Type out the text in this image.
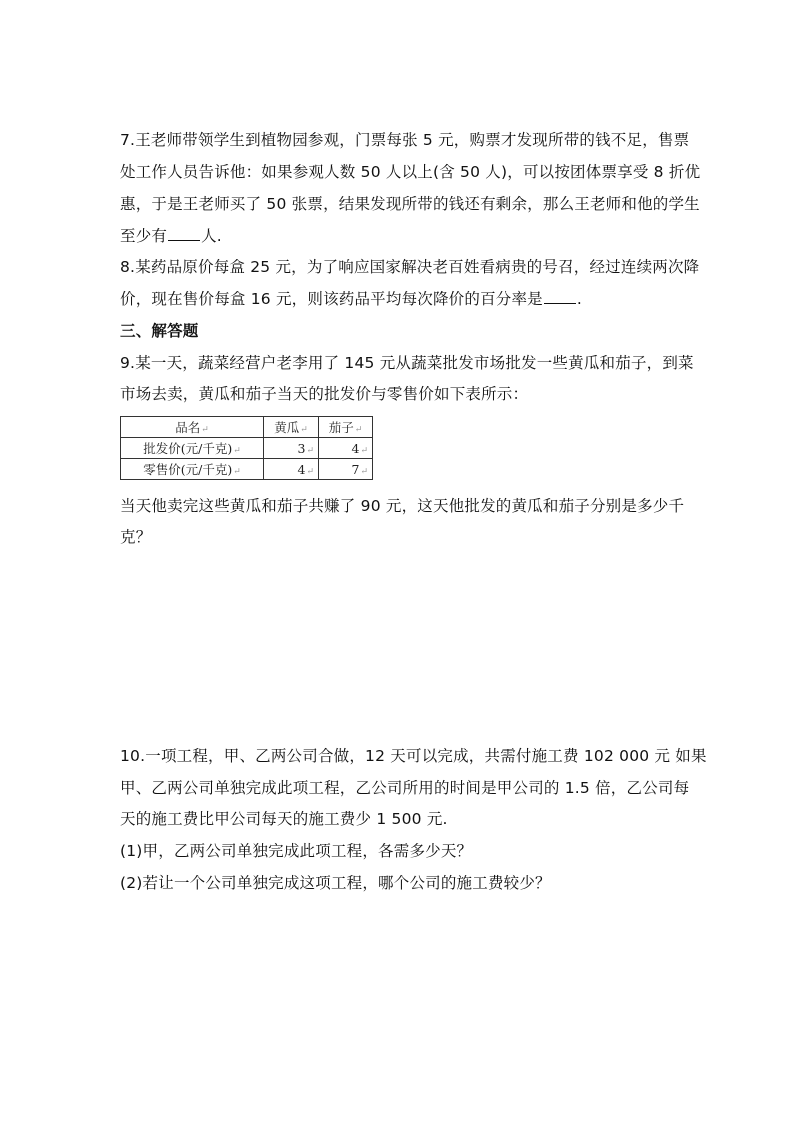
7.王老师带领学生到植物园参观，门票每张 5 元，购票才发现所带的钱不足，售票
处工作人员告诉他：如果参观人数 50 人以上(含 50 人)，可以按团体票享受 8 折优
惠，于是王老师买了 50 张票，结果发现所带的钱还有剩余，那么王老师和他的学生
至少有 人.
8.某药品原价每盒 25 元，为了响应国家解决老百姓看病贵的号召，经过连续两次降
价，现在售价每盒 16 元，则该药品平均每次降价的百分率是 .
三、解答题
9.某一天，蔬菜经营户老李用了 145 元从蔬菜批发市场批发一些黄瓜和茄子，到菜
市场去卖，黄瓜和茄子当天的批发价与零售价如下表所示：
品名↵	黄瓜↵	茄子↵
批发价(元/千克)↵	3↵	4↵
零售价(元/千克)↵	4↵	7↵
当天他卖完这些黄瓜和茄子共赚了 90 元，这天他批发的黄瓜和茄子分别是多少千
克？
10.一项工程，甲、乙两公司合做，12 天可以完成，共需付施工费 102 000 元 如果
甲、乙两公司单独完成此项工程，乙公司所用的时间是甲公司的 1.5 倍，乙公司每
天的施工费比甲公司每天的施工费少 1 500 元.
(1)甲，乙两公司单独完成此项工程，各需多少天？
(2)若让一个公司单独完成这项工程，哪个公司的施工费较少？
